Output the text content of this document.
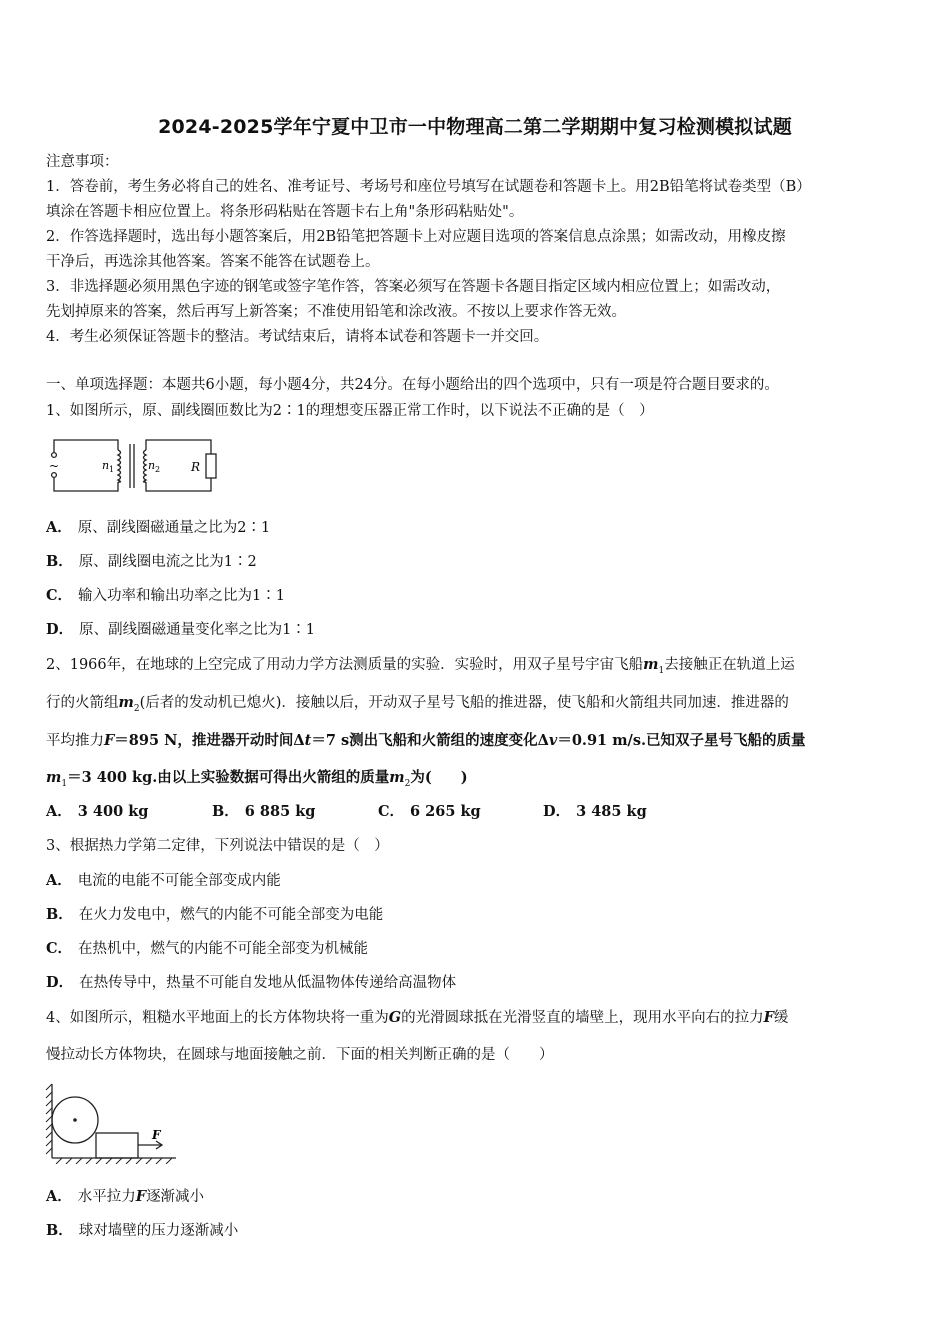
2024-2025学年宁夏中卫市一中物理高二第二学期期中复习检测模拟试题
注意事项：
1．答卷前，考生务必将自己的姓名、准考证号、考场号和座位号填写在试题卷和答题卡上。用2B铅笔将试卷类型（B）
填涂在答题卡相应位置上。将条形码粘贴在答题卡右上角"条形码粘贴处"。
2．作答选择题时，选出每小题答案后，用2B铅笔把答题卡上对应题目选项的答案信息点涂黑；如需改动，用橡皮擦
干净后，再选涂其他答案。答案不能答在试题卷上。
3．非选择题必须用黑色字迹的钢笔或签字笔作答，答案必须写在答题卡各题目指定区域内相应位置上；如需改动，
先划掉原来的答案，然后再写上新答案；不准使用铅笔和涂改液。不按以上要求作答无效。
4．考生必须保证答题卡的整洁。考试结束后，请将本试卷和答题卡一并交回。
一、单项选择题：本题共6小题，每小题4分，共24分。在每小题给出的四个选项中，只有一项是符合题目要求的。
1、如图所示，原、副线圈匝数比为2∶1的理想变压器正常工作时，以下说法不正确的是（　）
~	n 1	n 2	R
A． 原、副线圈磁通量之比为2∶1
B． 原、副线圈电流之比为1∶2
C． 输入功率和输出功率之比为1∶1
D． 原、副线圈磁通量变化率之比为1∶1
2、1966年，在地球的上空完成了用动力学方法测质量的实验．实验时，用双子星号宇宙飞船$m_1$去接触正在轨道上运
行的火箭组$m_2$(后者的发动机已熄火)．接触以后，开动双子星号飞船的推进器，使飞船和火箭组共同加速．推进器的
平均推力F＝895 N，推进器开动时间Δt＝7 s测出飞船和火箭组的速度变化Δv＝0.91 m/s.已知双子星号飞船的质量
$m_1=3$ 400 kg.由以上实验数据可得出火箭组的质量$m_2$为(　　)
A． 3 400 kg	B． 6 885 kg	C． 6 265 kg	D． 3 485 kg
3、根据热力学第二定律，下列说法中错误的是（　）
A． 电流的电能不可能全部变成内能
B． 在火力发电中，燃气的内能不可能全部变为电能
C． 在热机中，燃气的内能不可能全部变为机械能
D． 在热传导中，热量不可能自发地从低温物体传递给高温物体
4、如图所示，粗糙水平地面上的长方体物块将一重为G的光滑圆球抵在光滑竖直的墙壁上，现用水平向右的拉力F缓
慢拉动长方体物块，在圆球与地面接触之前．下面的相关判断正确的是（　　）
F
A． 水平拉力F逐渐减小
B． 球对墙壁的压力逐渐减小
